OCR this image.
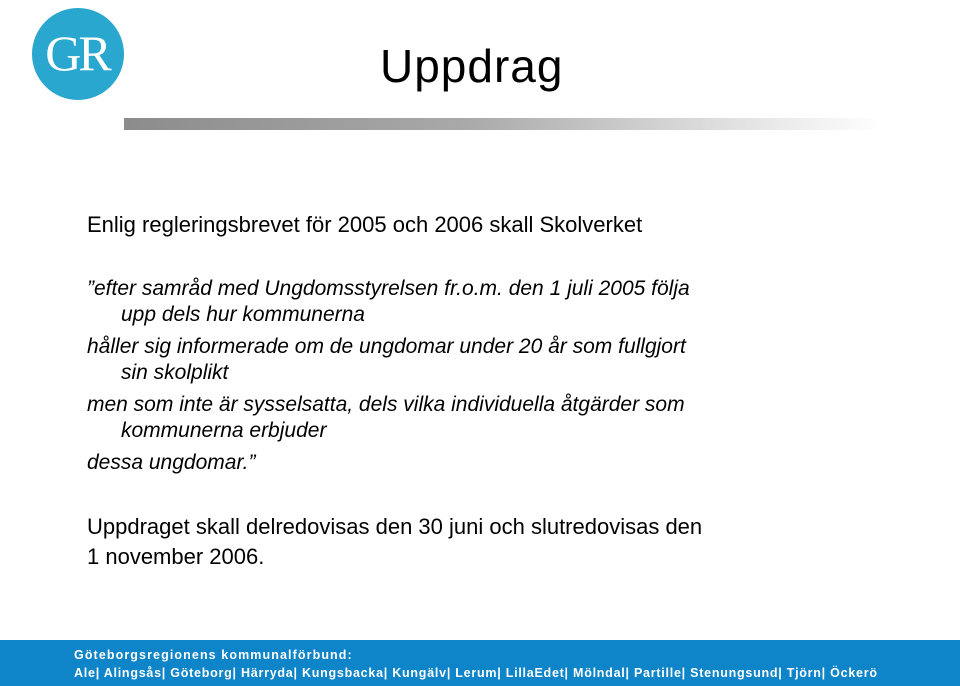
GR	Uppdrag
Enlig regleringsbrevet för 2005 och 2006 skall Skolverket
”efter samråd med Ungdomsstyrelsen fr.o.m. den 1 juli 2005 följa
upp dels hur kommunerna
håller sig informerade om de ungdomar under 20 år som fullgjort
sin skolplikt
men som inte är sysselsatta, dels vilka individuella åtgärder som
kommunerna erbjuder
dessa ungdomar.”
Uppdraget skall delredovisas den 30 juni och slutredovisas den
1 november 2006.
Göteborgsregionens kommunalförbund:
Ale| Alingsås| Göteborg| Härryda| Kungsbacka| Kungälv| Lerum| LillaEdet| Mölndal| Partille| Stenungsund| Tjörn| Öckerö
